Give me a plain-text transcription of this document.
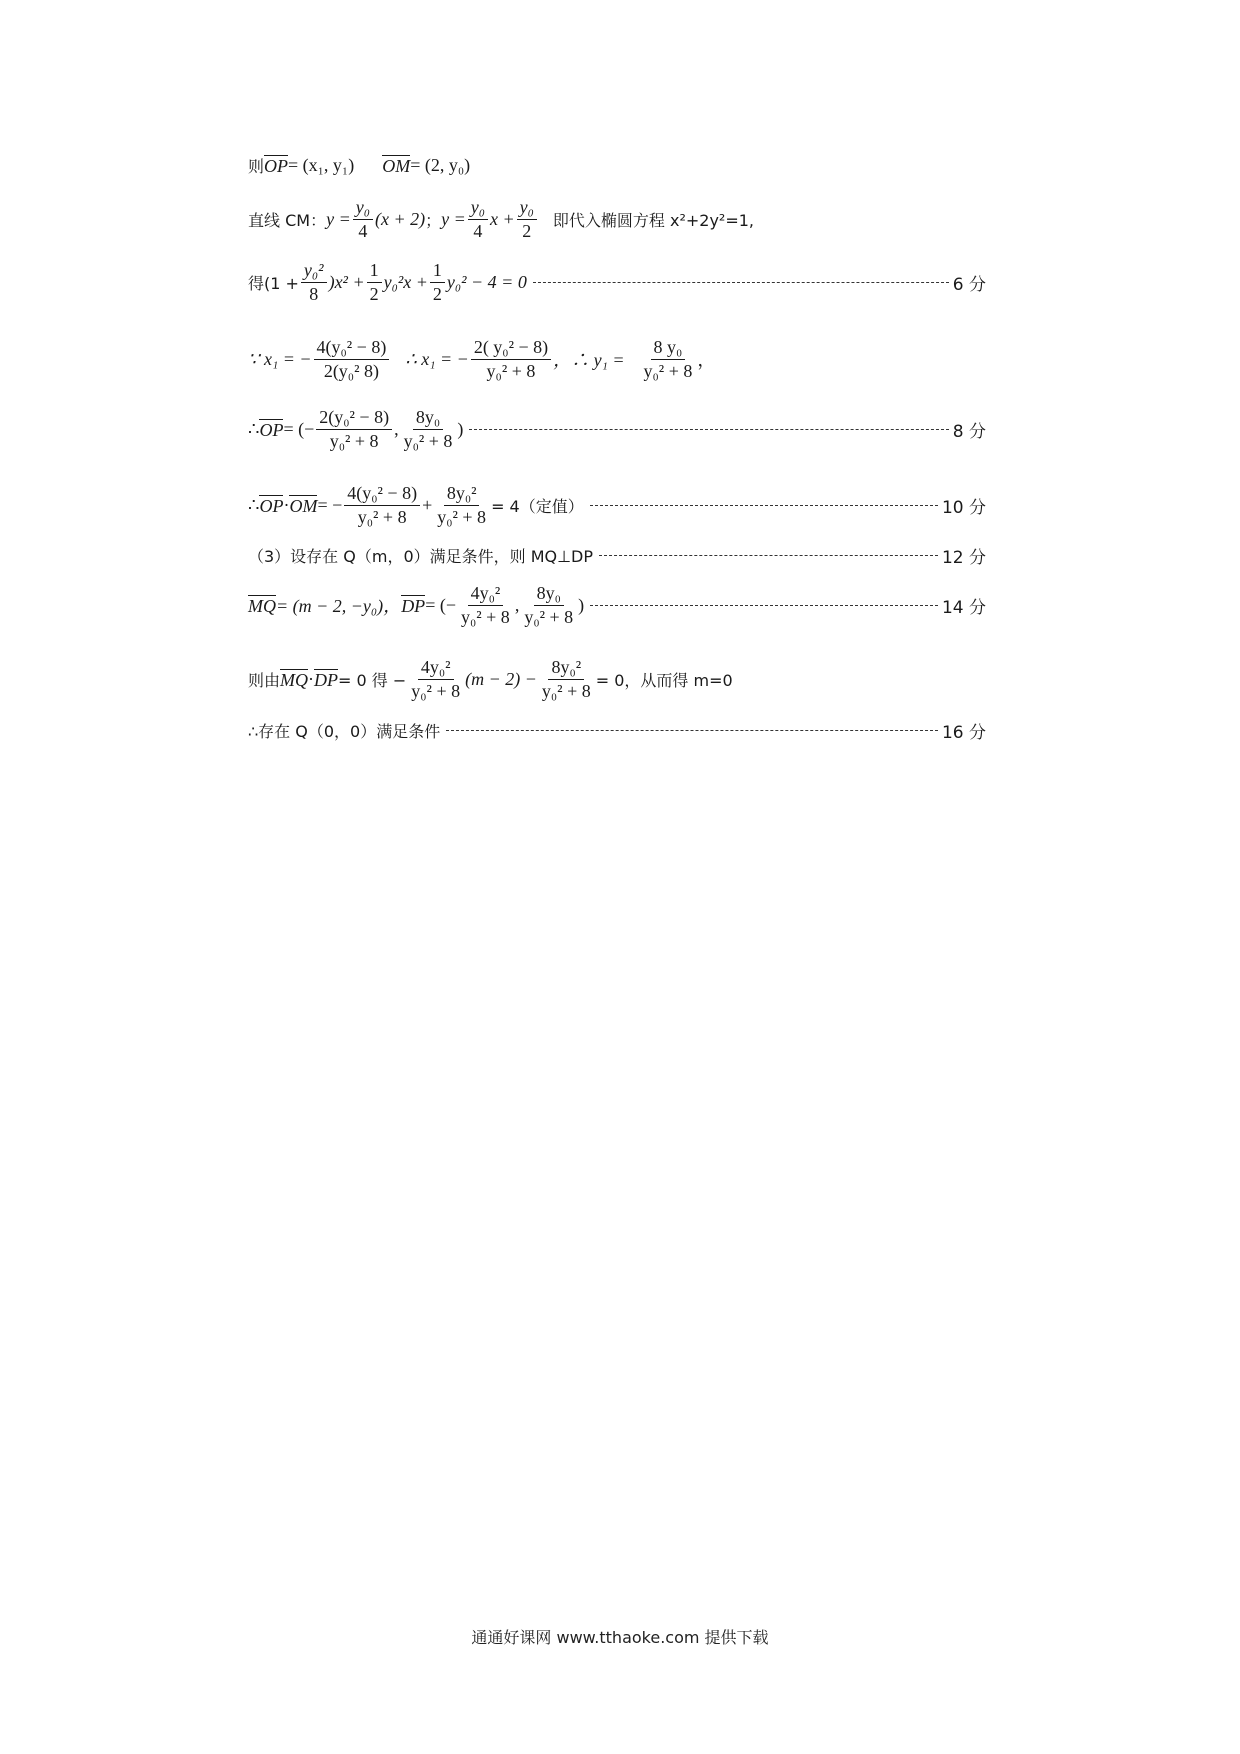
则 OP = (x₁, y₁) OM = (2, y₀)
直线 CM： $y = \frac{\text{y₀}}{4} (x + 2)$ ； $y = \frac{\text{y₀}}{4}$ $x + \frac{\text{y₀}}{2}$ 即代入椭圆方程 x²+2y²=1,
得$(1 + \frac{\text{y₀²}}{8} )x^2 + \frac{1}{2} y_0^2x + \frac{1}{2} y_0^2 - 4 = 0$	6 分
∵ x₁ = − $\frac{\text{4(y₀² − 8)}}{\text{2(y₀² 8)}}$ ∴ x₁ = − $\frac{\text{2( y₀² − 8)}}{\text{y₀² + 8}}$ ，∴ $y_1 = \frac{\text{8 y₀}}{\text{y₀² + 8}}$ ，
∴ OP = (− $\frac{\text{2(y₀² − 8)}}{\text{y₀² + 8}}$ , $\frac{\text{8y₀}}{\text{y₀² + 8}}$ )	8 分
∴ OP · OM = − $\frac{\text{4(y₀² − 8)}}{\text{y₀² + 8}} + \frac{\text{8y₀²}}{\text{y₀² + 8}} = 4$（定值）	10 分
（3）设存在 Q（m，0）满足条件，则 MQ⊥DP	12 分
MQ = (m − 2, −y₀)， DP = (− $\frac{\text{4y₀²}}{\text{y₀² + 8}}$ , $\frac{\text{8y₀}}{\text{y₀² + 8}}$ )	14 分
则由 MQ · DP = 0 得 − $\frac{\text{4y₀²}}{\text{y₀² + 8}} (m - 2) - \frac{\text{8y₀²}}{\text{y₀² + 8}} = 0$，从而得 m=0
∴存在 Q（0，0）满足条件	16 分
通通好课网 www.tthaoke.com 提供下载
